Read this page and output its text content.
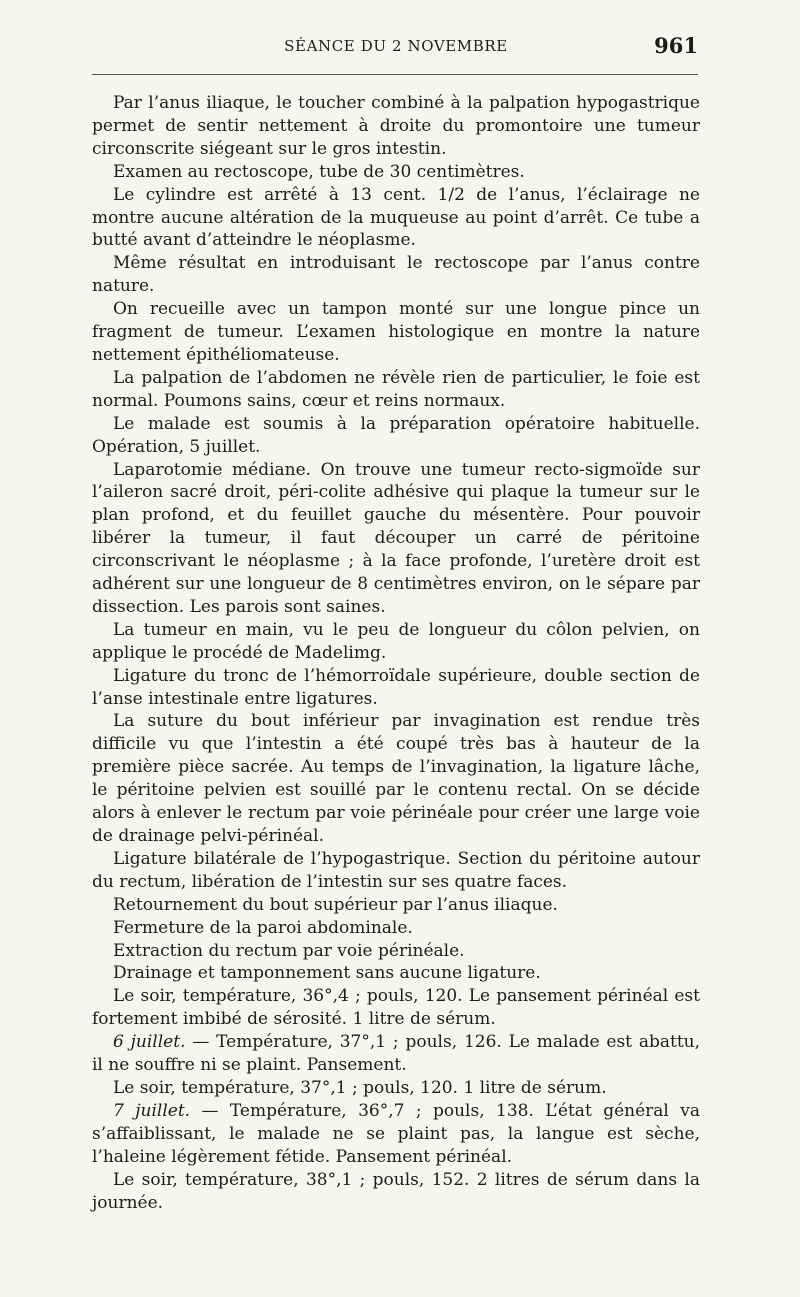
SÉANCE DU 2 NOVEMBRE	961

Par l’anus iliaque, le toucher combiné à la palpation hypogastrique permet de sentir nettement à droite du promontoire une tumeur circonscrite siégeant sur le gros intestin.

Examen au rectoscope, tube de 30 centimètres.

Le cylindre est arrêté à 13 cent. 1/2 de l’anus, l’éclairage ne montre aucune altération de la muqueuse au point d’arrêt. Ce tube a butté avant d’atteindre le néoplasme.

Même résultat en introduisant le rectoscope par l’anus contre nature.

On recueille avec un tampon monté sur une longue pince un fragment de tumeur. L’examen histologique en montre la nature nettement épithéliomateuse.

La palpation de l’abdomen ne révèle rien de particulier, le foie est normal. Poumons sains, cœur et reins normaux.

Le malade est soumis à la préparation opératoire habituelle. Opération, 5 juillet.

Laparotomie médiane. On trouve une tumeur recto-sigmoïde sur l’aileron sacré droit, péri-colite adhésive qui plaque la tumeur sur le plan profond, et du feuillet gauche du mésentère. Pour pouvoir libérer la tumeur, il faut découper un carré de péritoine circonscrivant le néoplasme ; à la face profonde, l’uretère droit est adhérent sur une longueur de 8 centimètres environ, on le sépare par dissection. Les parois sont saines.

La tumeur en main, vu le peu de longueur du côlon pelvien, on applique le procédé de Madelimg.

Ligature du tronc de l’hémorroïdale supérieure, double section de l’anse intestinale entre ligatures.

La suture du bout inférieur par invagination est rendue très difficile vu que l’intestin a été coupé très bas à hauteur de la première pièce sacrée. Au temps de l’invagination, la ligature lâche, le péritoine pelvien est souillé par le contenu rectal. On se décide alors à enlever le rectum par voie périnéale pour créer une large voie de drainage pelvi-périnéal.

Ligature bilatérale de l’hypogastrique. Section du péritoine autour du rectum, libération de l’intestin sur ses quatre faces.

Retournement du bout supérieur par l’anus iliaque.

Fermeture de la paroi abdominale.

Extraction du rectum par voie périnéale.

Drainage et tamponnement sans aucune ligature.

Le soir, température, 36°,4 ; pouls, 120. Le pansement périnéal est fortement imbibé de sérosité. 1 litre de sérum.

6 juillet. — Température, 37°,1 ; pouls, 126. Le malade est abattu, il ne souffre ni se plaint. Pansement.

Le soir, température, 37°,1 ; pouls, 120. 1 litre de sérum.

7 juillet. — Température, 36°,7 ; pouls, 138. L’état général va s’affaiblissant, le malade ne se plaint pas, la langue est sèche, l’haleine légèrement fétide. Pansement périnéal.

Le soir, température, 38°,1 ; pouls, 152. 2 litres de sérum dans la journée.
